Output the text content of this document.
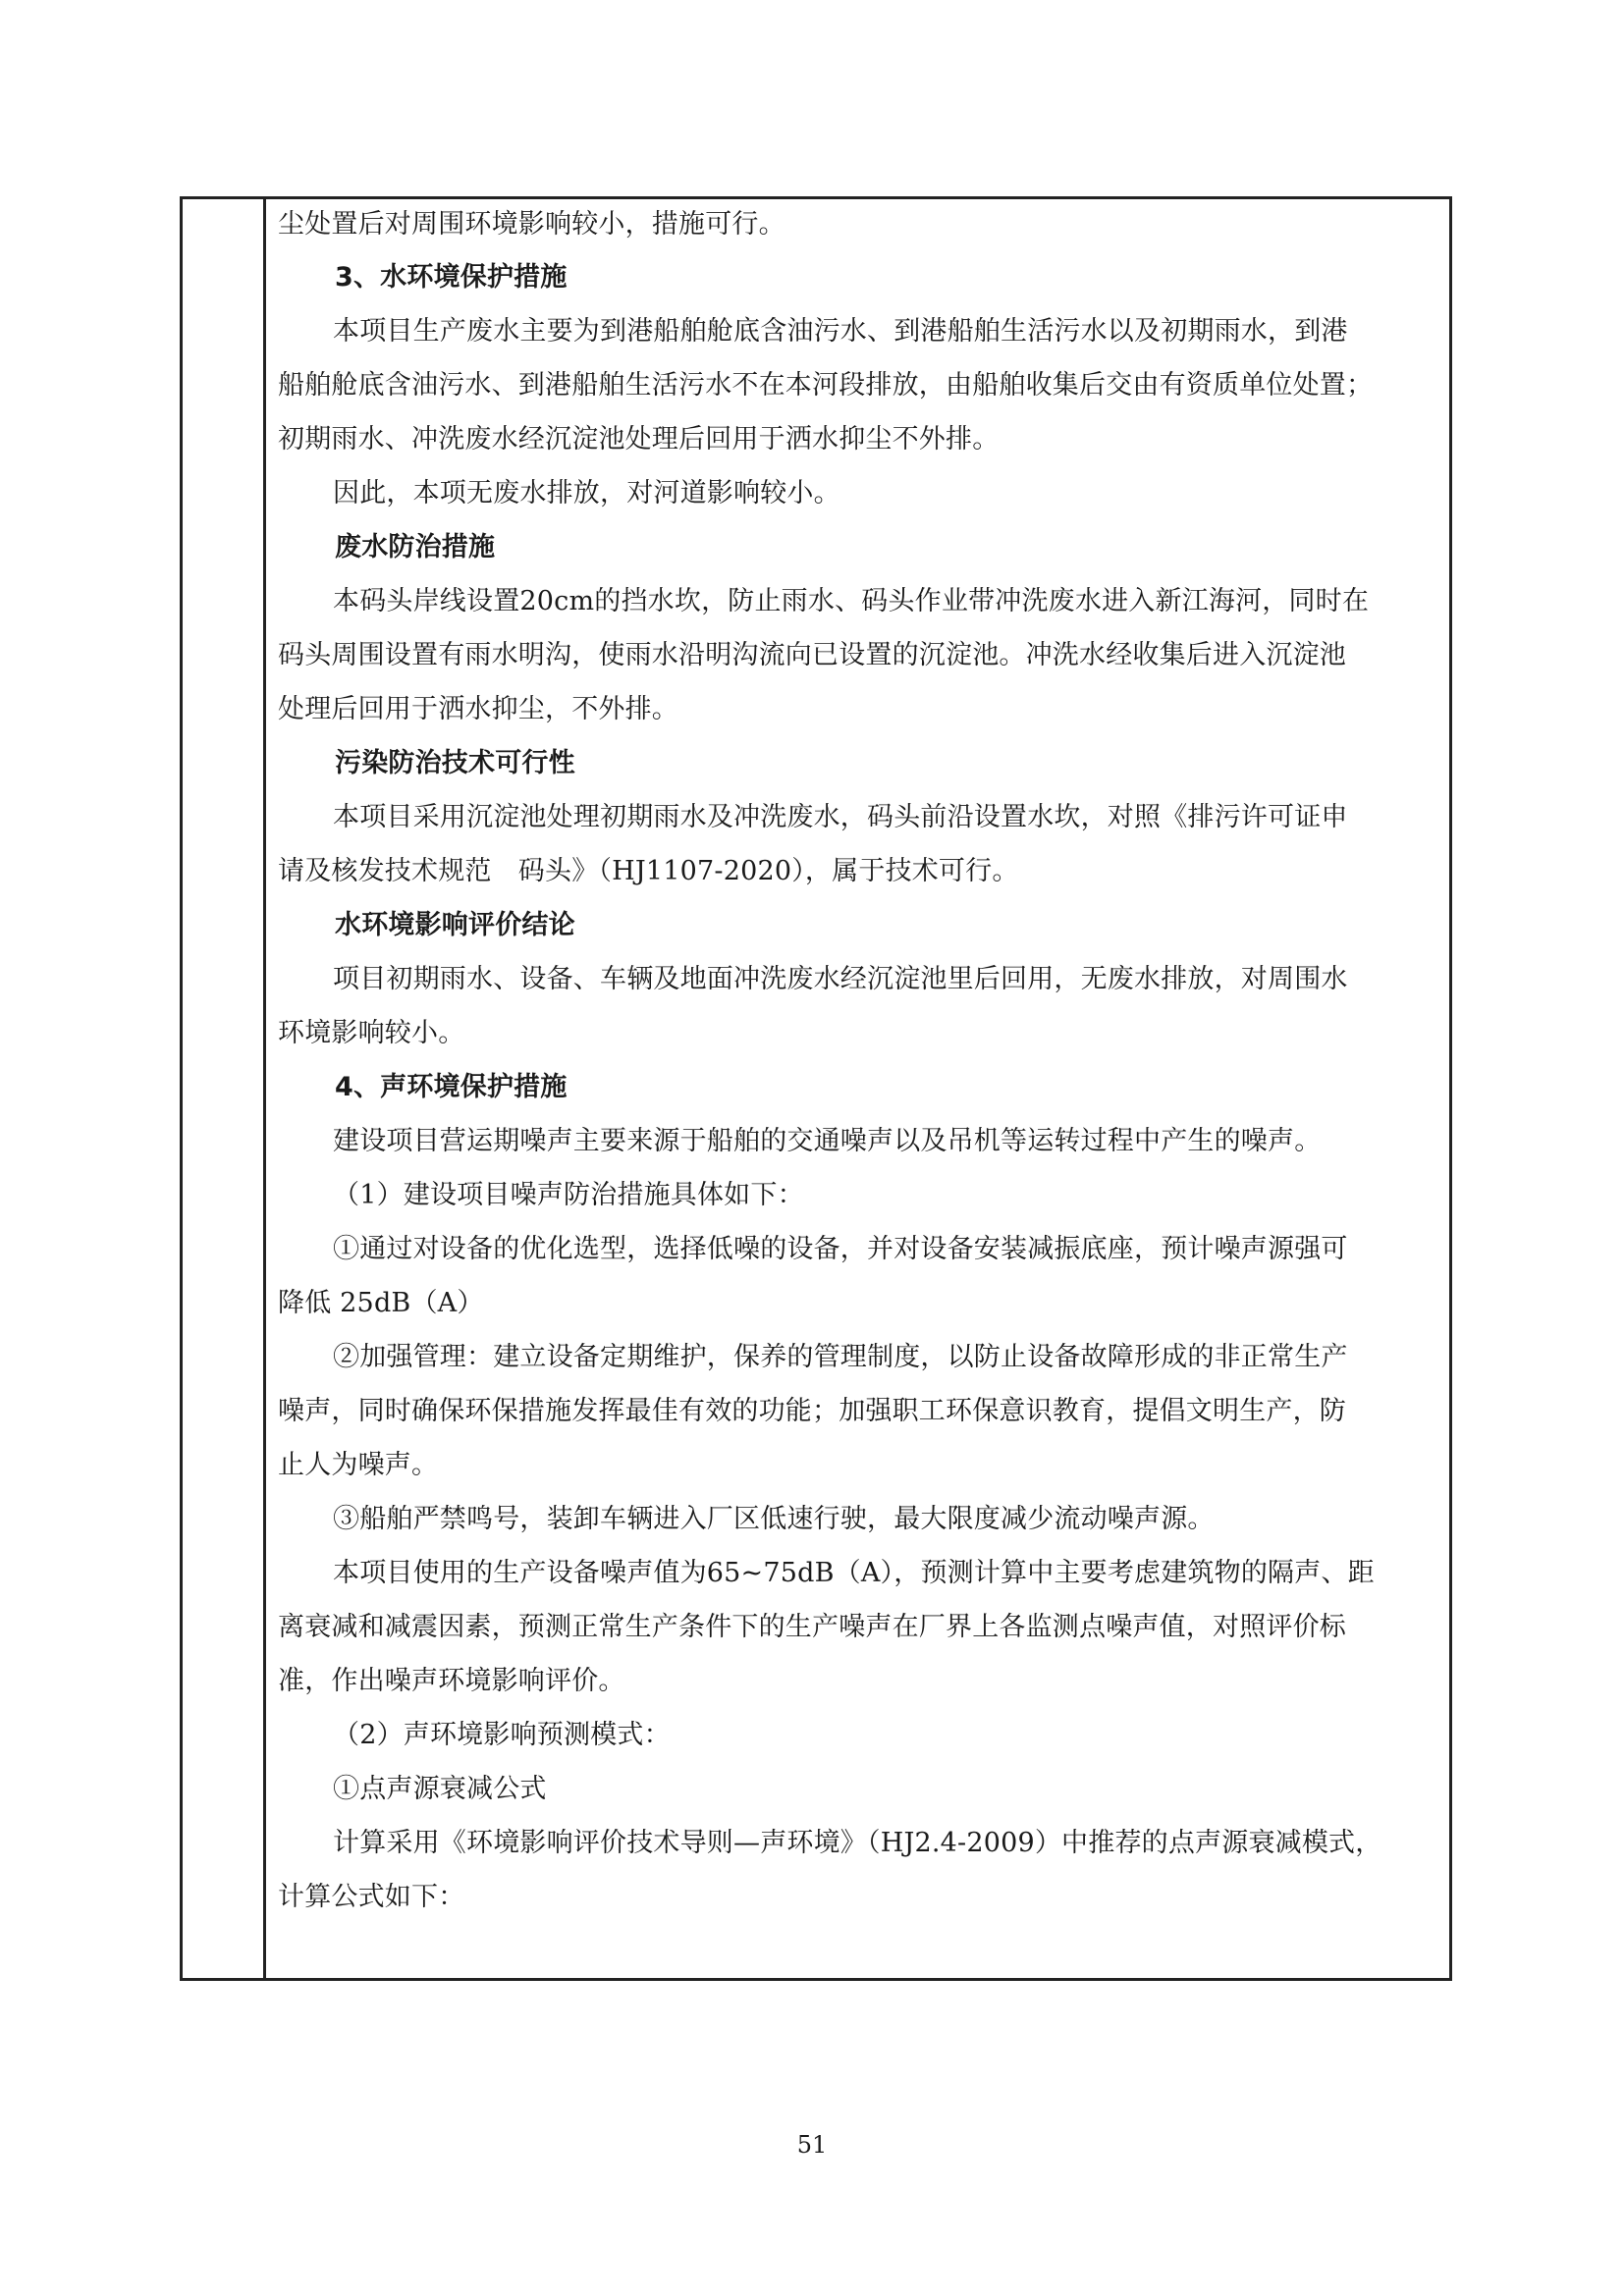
尘处置后对周围环境影响较小，措施可行。
3、水环境保护措施
本项目生产废水主要为到港船舶舱底含油污水、到港船舶生活污水以及初期雨水，到港
船舶舱底含油污水、到港船舶生活污水不在本河段排放，由船舶收集后交由有资质单位处置；
初期雨水、冲洗废水经沉淀池处理后回用于洒水抑尘不外排。
因此，本项无废水排放，对河道影响较小。
废水防治措施
本码头岸线设置20cm的挡水坎，防止雨水、码头作业带冲洗废水进入新江海河，同时在
码头周围设置有雨水明沟，使雨水沿明沟流向已设置的沉淀池。冲洗水经收集后进入沉淀池
处理后回用于洒水抑尘，不外排。
污染防治技术可行性
本项目采用沉淀池处理初期雨水及冲洗废水，码头前沿设置水坎，对照《排污许可证申
请及核发技术规范　码头》（HJ1107-2020），属于技术可行。
水环境影响评价结论
项目初期雨水、设备、车辆及地面冲洗废水经沉淀池里后回用，无废水排放，对周围水
环境影响较小。
4、声环境保护措施
建设项目营运期噪声主要来源于船舶的交通噪声以及吊机等运转过程中产生的噪声。
（1）建设项目噪声防治措施具体如下：
①通过对设备的优化选型，选择低噪的设备，并对设备安装减振底座，预计噪声源强可
降低 25dB（A）
②加强管理：建立设备定期维护，保养的管理制度，以防止设备故障形成的非正常生产
噪声，同时确保环保措施发挥最佳有效的功能；加强职工环保意识教育，提倡文明生产，防
止人为噪声。
③船舶严禁鸣号，装卸车辆进入厂区低速行驶，最大限度减少流动噪声源。
本项目使用的生产设备噪声值为65~75dB（A），预测计算中主要考虑建筑物的隔声、距
离衰减和减震因素，预测正常生产条件下的生产噪声在厂界上各监测点噪声值，对照评价标
准，作出噪声环境影响评价。
（2）声环境影响预测模式：
①点声源衰减公式
计算采用《环境影响评价技术导则—声环境》（HJ2.4-2009）中推荐的点声源衰减模式，
计算公式如下：
51
